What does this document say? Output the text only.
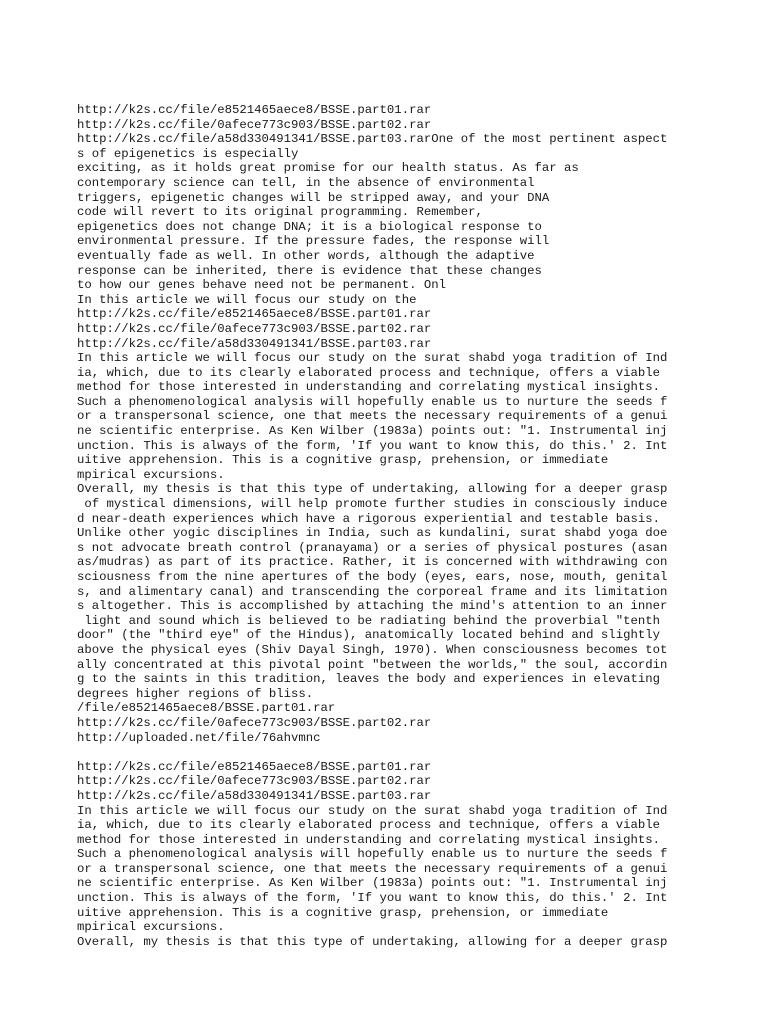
http://k2s.cc/file/e8521465aece8/BSSE.part01.rar
http://k2s.cc/file/0afece773c903/BSSE.part02.rar
http://k2s.cc/file/a58d330491341/BSSE.part03.rarOne of the most pertinent aspect
s of epigenetics is especially
exciting, as it holds great promise for our health status. As far as
contemporary science can tell, in the absence of environmental
triggers, epigenetic changes will be stripped away, and your DNA
code will revert to its original programming. Remember,
epigenetics does not change DNA; it is a biological response to
environmental pressure. If the pressure fades, the response will
eventually fade as well. In other words, although the adaptive
response can be inherited, there is evidence that these changes
to how our genes behave need not be permanent. Onl
In this article we will focus our study on the
http://k2s.cc/file/e8521465aece8/BSSE.part01.rar
http://k2s.cc/file/0afece773c903/BSSE.part02.rar
http://k2s.cc/file/a58d330491341/BSSE.part03.rar
In this article we will focus our study on the surat shabd yoga tradition of Ind
ia, which, due to its clearly elaborated process and technique, offers a viable
method for those interested in understanding and correlating mystical insights.
Such a phenomenological analysis will hopefully enable us to nurture the seeds f
or a transpersonal science, one that meets the necessary requirements of a genui
ne scientific enterprise. As Ken Wilber (1983a) points out: "1. Instrumental inj
unction. This is always of the form, 'If you want to know this, do this.' 2. Int
uitive apprehension. This is a cognitive grasp, prehension, or immediate
mpirical excursions.
Overall, my thesis is that this type of undertaking, allowing for a deeper grasp
of mystical dimensions, will help promote further studies in consciously induce
d near-death experiences which have a rigorous experiential and testable basis.
Unlike other yogic disciplines in India, such as kundalini, surat shabd yoga doe
s not advocate breath control (pranayama) or a series of physical postures (asan
as/mudras) as part of its practice. Rather, it is concerned with withdrawing con
sciousness from the nine apertures of the body (eyes, ears, nose, mouth, genital
s, and alimentary canal) and transcending the corporeal frame and its limitation
s altogether. This is accomplished by attaching the mind's attention to an inner
light and sound which is believed to be radiating behind the proverbial "tenth
door" (the "third eye" of the Hindus), anatomically located behind and slightly
above the physical eyes (Shiv Dayal Singh, 1970). When consciousness becomes tot
ally concentrated at this pivotal point "between the worlds," the soul, accordin
g to the saints in this tradition, leaves the body and experiences in elevating
degrees higher regions of bliss.
/file/e8521465aece8/BSSE.part01.rar
http://k2s.cc/file/0afece773c903/BSSE.part02.rar
http://uploaded.net/file/76ahvmnc
http://k2s.cc/file/e8521465aece8/BSSE.part01.rar
http://k2s.cc/file/0afece773c903/BSSE.part02.rar
http://k2s.cc/file/a58d330491341/BSSE.part03.rar
In this article we will focus our study on the surat shabd yoga tradition of Ind
ia, which, due to its clearly elaborated process and technique, offers a viable
method for those interested in understanding and correlating mystical insights.
Such a phenomenological analysis will hopefully enable us to nurture the seeds f
or a transpersonal science, one that meets the necessary requirements of a genui
ne scientific enterprise. As Ken Wilber (1983a) points out: "1. Instrumental inj
unction. This is always of the form, 'If you want to know this, do this.' 2. Int
uitive apprehension. This is a cognitive grasp, prehension, or immediate
mpirical excursions.
Overall, my thesis is that this type of undertaking, allowing for a deeper grasp
